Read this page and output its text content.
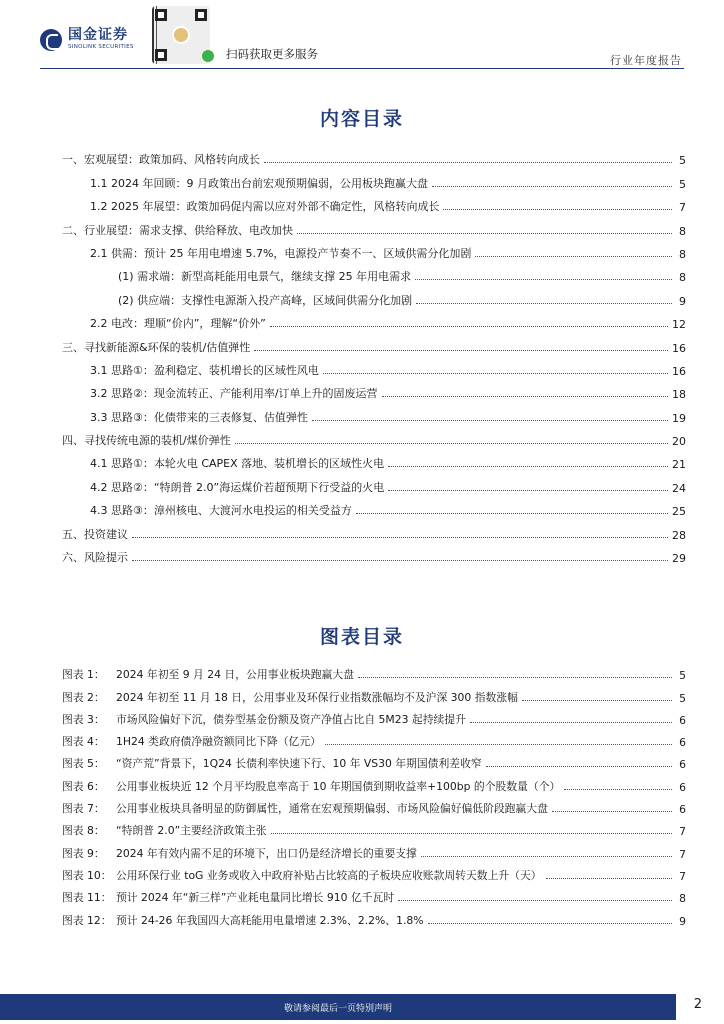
国金证券
SINOLINK SECURITIES	扫码获取更多服务	行业年度报告
内容目录
一、宏观展望：政策加码、风格转向成长	5
1.1 2024 年回顾：9 月政策出台前宏观预期偏弱，公用板块跑赢大盘	5
1.2 2025 年展望：政策加码促内需以应对外部不确定性，风格转向成长	7
二、行业展望：需求支撑、供给释放、电改加快	8
2.1 供需：预计 25 年用电增速 5.7%，电源投产节奏不一、区域供需分化加剧	8
(1) 需求端：新型高耗能用电景气，继续支撑 25 年用电需求	8
(2) 供应端：支撑性电源渐入投产高峰，区域间供需分化加剧	9
2.2 电改：理顺“价内”，理解“价外”	12
三、寻找新能源&环保的装机/估值弹性	16
3.1 思路①：盈利稳定、装机增长的区域性风电	16
3.2 思路②：现金流转正、产能利用率/订单上升的固废运营	18
3.3 思路③：化债带来的三表修复、估值弹性	19
四、寻找传统电源的装机/煤价弹性	20
4.1 思路①：本轮火电 CAPEX 落地、装机增长的区域性火电	21
4.2 思路②：“特朗普 2.0”海运煤价若超预期下行受益的火电	24
4.3 思路③：漳州核电、大渡河水电投运的相关受益方	25
五、投资建议	28
六、风险提示	29
图表目录
图表 1：	2024 年初至 9 月 24 日，公用事业板块跑赢大盘	5
图表 2：	2024 年初至 11 月 18 日，公用事业及环保行业指数涨幅均不及沪深 300 指数涨幅	5
图表 3：	市场风险偏好下沉，债券型基金份额及资产净值占比自 5M23 起持续提升	6
图表 4：	1H24 类政府债净融资额同比下降（亿元）	6
图表 5：	“资产荒”背景下，1Q24 长债利率快速下行、10 年 VS30 年期国债利差收窄	6
图表 6：	公用事业板块近 12 个月平均股息率高于 10 年期国债到期收益率+100bp 的个股数量（个）	6
图表 7：	公用事业板块具备明显的防御属性，通常在宏观预期偏弱、市场风险偏好偏低阶段跑赢大盘	6
图表 8：	“特朗普 2.0”主要经济政策主张	7
图表 9：	2024 年有效内需不足的环境下，出口仍是经济增长的重要支撑	7
图表 10： 公用环保行业 toG 业务或收入中政府补贴占比较高的子板块应收账款周转天数上升（天）	7
图表 11： 预计 2024 年“新三样”产业耗电量同比增长 910 亿千瓦时	8
图表 12： 预计 24-26 年我国四大高耗能用电量增速 2.3%、2.2%、1.8%	9
敬请参阅最后一页特别声明	2
